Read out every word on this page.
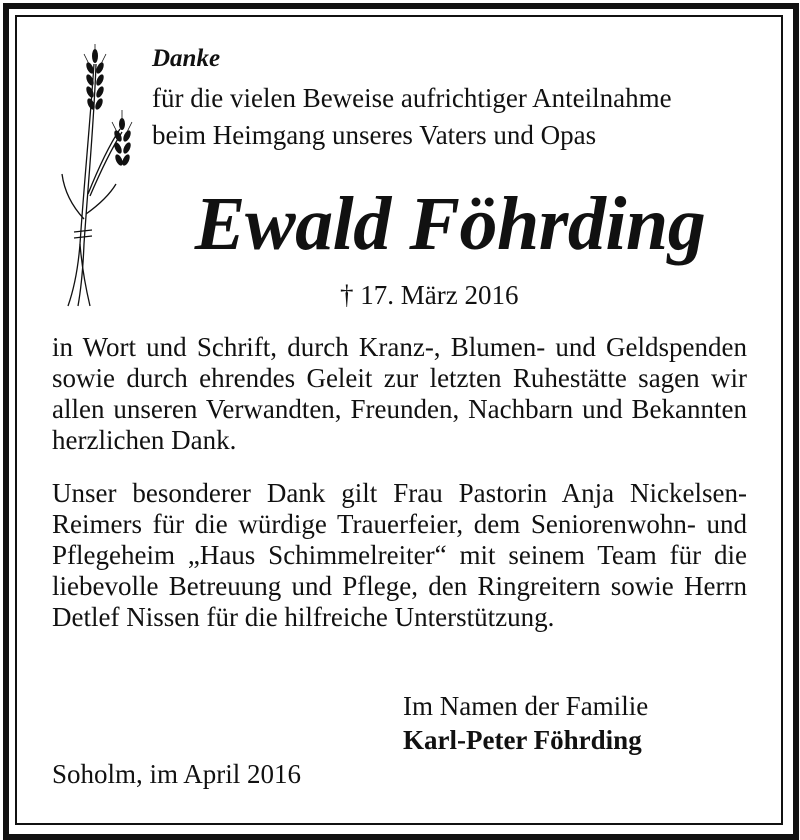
Danke
für die vielen Beweise aufrichtiger Anteilnahme
beim Heimgang unseres Vaters und Opas
Ewald Föhrding
† 17. März 2016
in Wort und Schrift, durch Kranz-, Blumen- und Geldspenden sowie durch ehrendes Geleit zur letzten Ruhestätte sagen wir allen unseren Verwandten, Freunden, Nachbarn und Bekannten herzlichen Dank.
Unser besonderer Dank gilt Frau Pastorin Anja Nickelsen-Reimers für die würdige Trauerfeier, dem Seniorenwohn- und Pflegeheim „Haus Schimmelreiter“ mit seinem Team für die liebevolle Betreuung und Pflege, den Ringreitern sowie Herrn Detlef Nissen für die hilfreiche Unterstützung.
Im Namen der Familie
Karl-Peter Föhrding
Soholm, im April 2016
